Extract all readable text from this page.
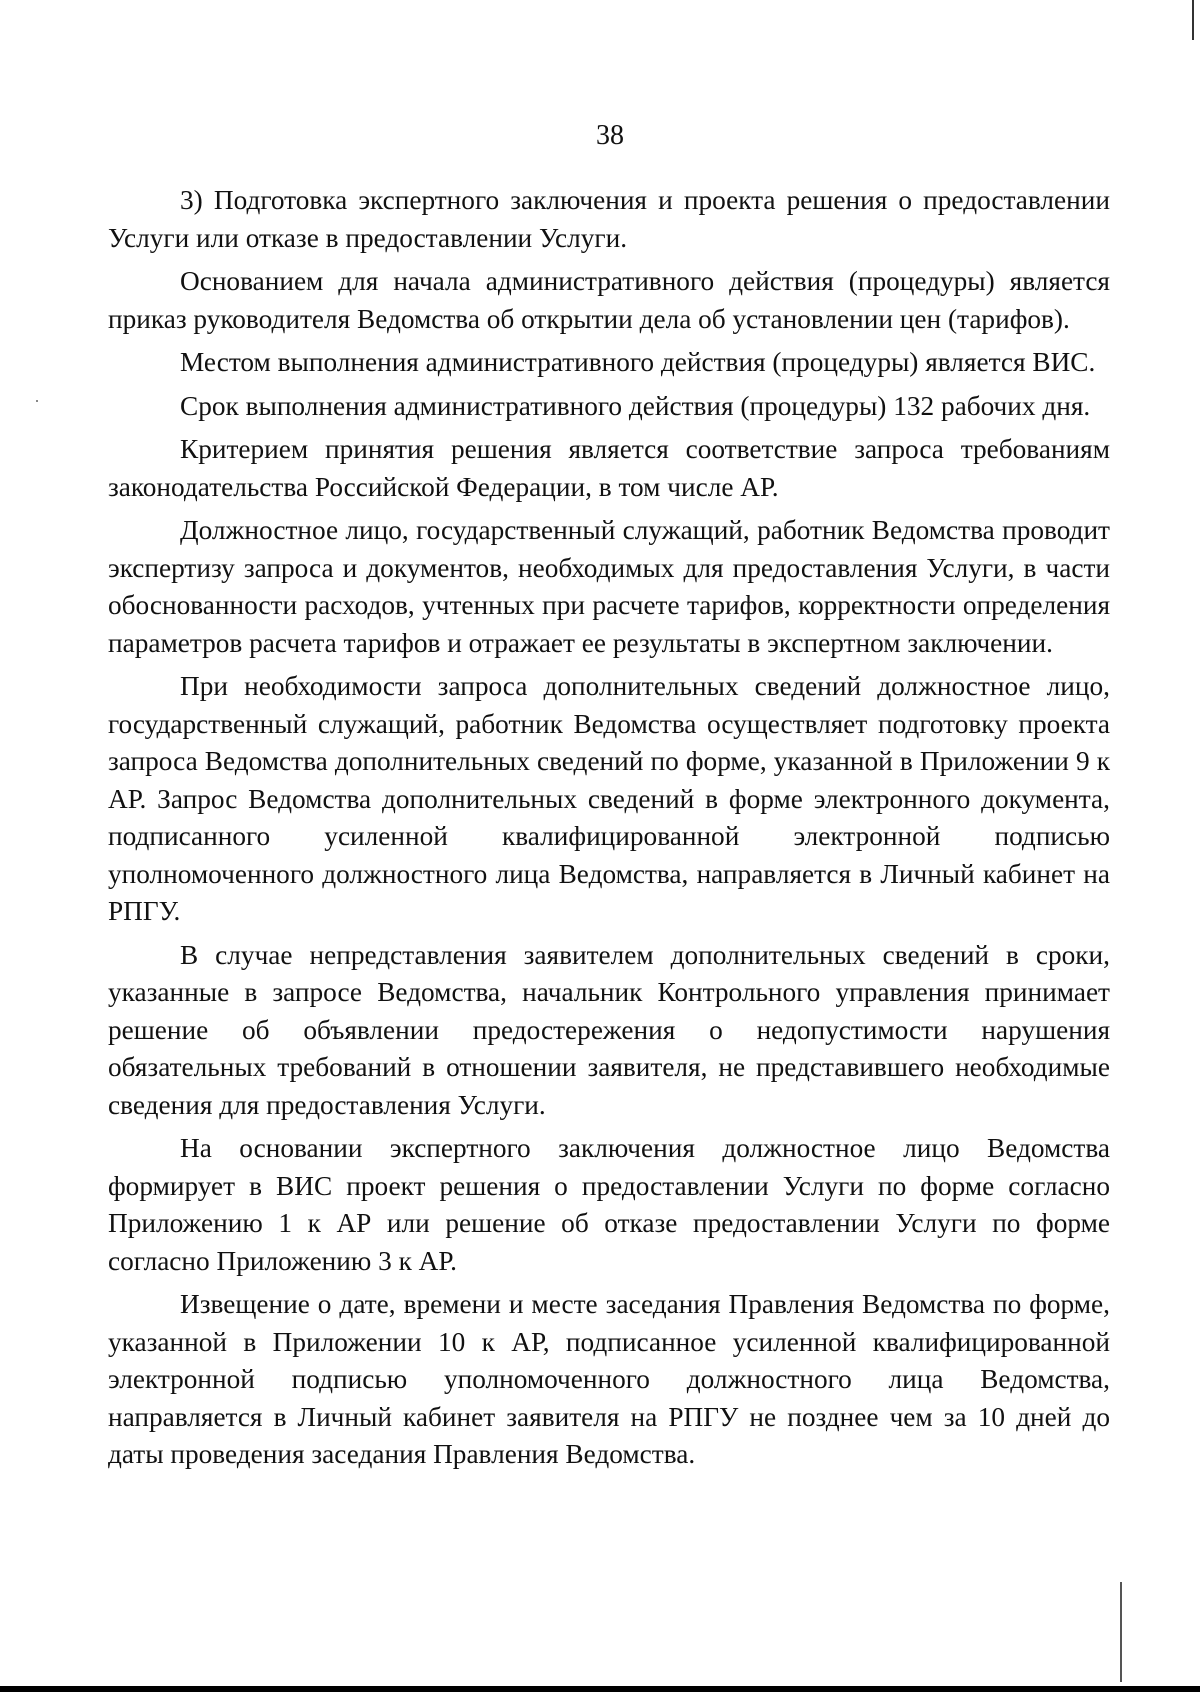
38

3) Подготовка экспертного заключения и проекта решения о предоставлении Услуги или отказе в предоставлении Услуги.

Основанием для начала административного действия (процедуры) является приказ руководителя Ведомства об открытии дела об установлении цен (тарифов).

Местом выполнения административного действия (процедуры) является ВИС.

Срок выполнения административного действия (процедуры) 132 рабочих дня.

Критерием принятия решения является соответствие запроса требованиям законодательства Российской Федерации, в том числе АР.

Должностное лицо, государственный служащий, работник Ведомства проводит экспертизу запроса и документов, необходимых для предоставления Услуги, в части обоснованности расходов, учтенных при расчете тарифов, корректности определения параметров расчета тарифов и отражает ее результаты в экспертном заключении.

При необходимости запроса дополнительных сведений должностное лицо, государственный служащий, работник Ведомства осуществляет подготовку проекта запроса Ведомства дополнительных сведений по форме, указанной в Приложении 9 к АР. Запрос Ведомства дополнительных сведений в форме электронного документа, подписанного усиленной квалифицированной электронной подписью уполномоченного должностного лица Ведомства, направляется в Личный кабинет на РПГУ.

В случае непредставления заявителем дополнительных сведений в сроки, указанные в запросе Ведомства, начальник Контрольного управления принимает решение об объявлении предостережения о недопустимости нарушения обязательных требований в отношении заявителя, не представившего необходимые сведения для предоставления Услуги.

На основании экспертного заключения должностное лицо Ведомства формирует в ВИС проект решения о предоставлении Услуги по форме согласно Приложению 1 к АР или решение об отказе предоставлении Услуги по форме согласно Приложению 3 к АР.

Извещение о дате, времени и месте заседания Правления Ведомства по форме, указанной в Приложении 10 к АР, подписанное усиленной квалифицированной электронной подписью уполномоченного должностного лица Ведомства, направляется в Личный кабинет заявителя на РПГУ не позднее чем за 10 дней до даты проведения заседания Правления Ведомства.
